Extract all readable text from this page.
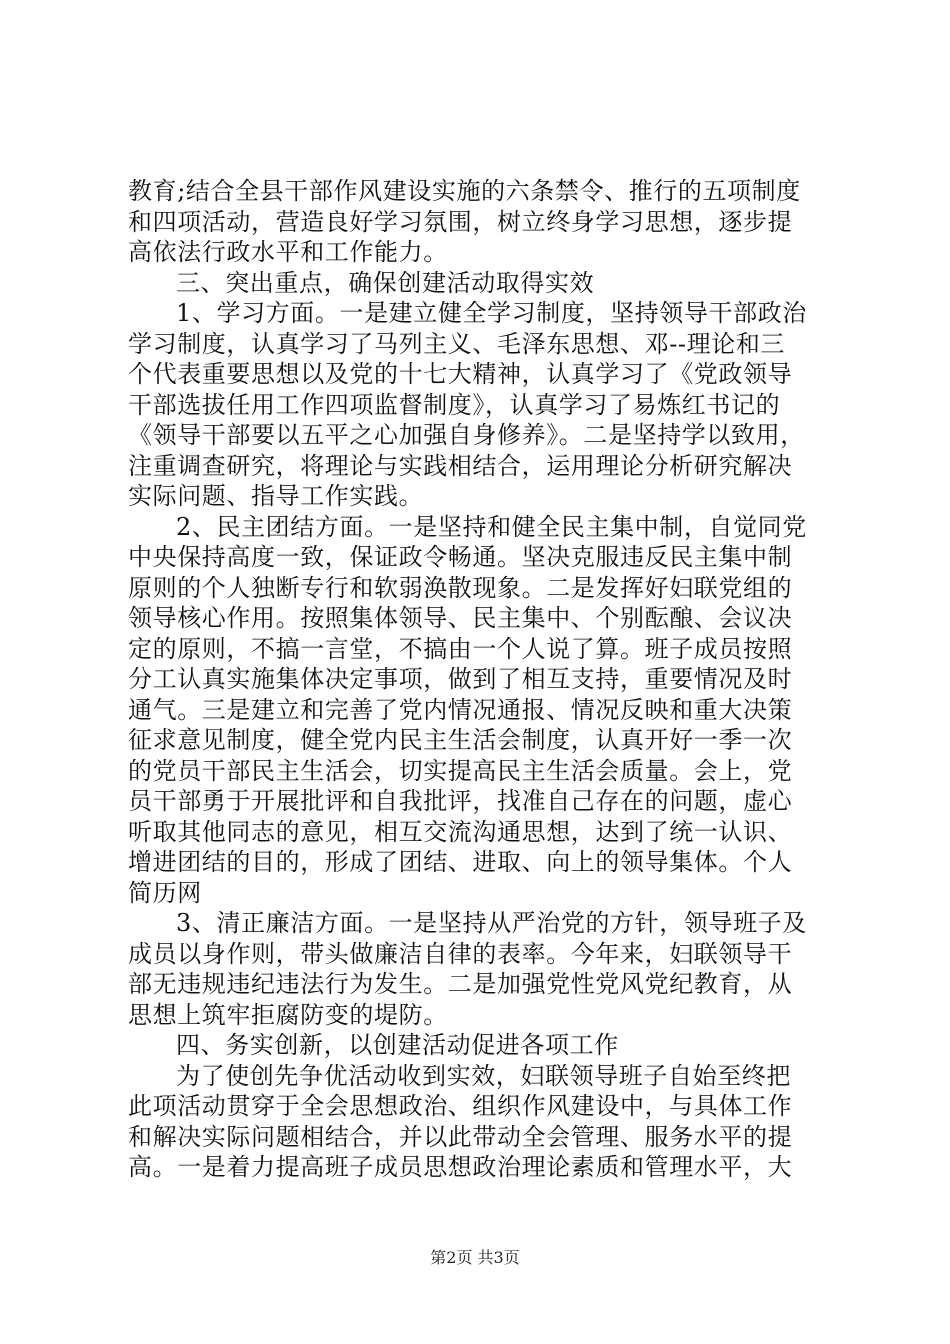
教育;结合全县干部作风建设实施的六条禁令、推行的五项制度
和四项活动，营造良好学习氛围，树立终身学习思想，逐步提
高依法行政水平和工作能力。
三、突出重点，确保创建活动取得实效
1、学习方面。一是建立健全学习制度，坚持领导干部政治
学习制度，认真学习了马列主义、毛泽东思想、邓--理论和三
个代表重要思想以及党的十七大精神，认真学习了《党政领导
干部选拔任用工作四项监督制度》，认真学习了易炼红书记的
《领导干部要以五平之心加强自身修养》。二是坚持学以致用，
注重调查研究，将理论与实践相结合，运用理论分析研究解决
实际问题、指导工作实践。
2、民主团结方面。一是坚持和健全民主集中制，自觉同党
中央保持高度一致，保证政令畅通。坚决克服违反民主集中制
原则的个人独断专行和软弱涣散现象。二是发挥好妇联党组的
领导核心作用。按照集体领导、民主集中、个别酝酿、会议决
定的原则，不搞一言堂，不搞由一个人说了算。班子成员按照
分工认真实施集体决定事项，做到了相互支持，重要情况及时
通气。三是建立和完善了党内情况通报、情况反映和重大决策
征求意见制度，健全党内民主生活会制度，认真开好一季一次
的党员干部民主生活会，切实提高民主生活会质量。会上，党
员干部勇于开展批评和自我批评，找准自己存在的问题，虚心
听取其他同志的意见，相互交流沟通思想，达到了统一认识、
增进团结的目的，形成了团结、进取、向上的领导集体。个人
简历网
3、清正廉洁方面。一是坚持从严治党的方针，领导班子及
成员以身作则，带头做廉洁自律的表率。今年来，妇联领导干
部无违规违纪违法行为发生。二是加强党性党风党纪教育，从
思想上筑牢拒腐防变的堤防。
四、务实创新，以创建活动促进各项工作
为了使创先争优活动收到实效，妇联领导班子自始至终把
此项活动贯穿于全会思想政治、组织作风建设中，与具体工作
和解决实际问题相结合，并以此带动全会管理、服务水平的提
高。一是着力提高班子成员思想政治理论素质和管理水平，大
第2页 共3页
